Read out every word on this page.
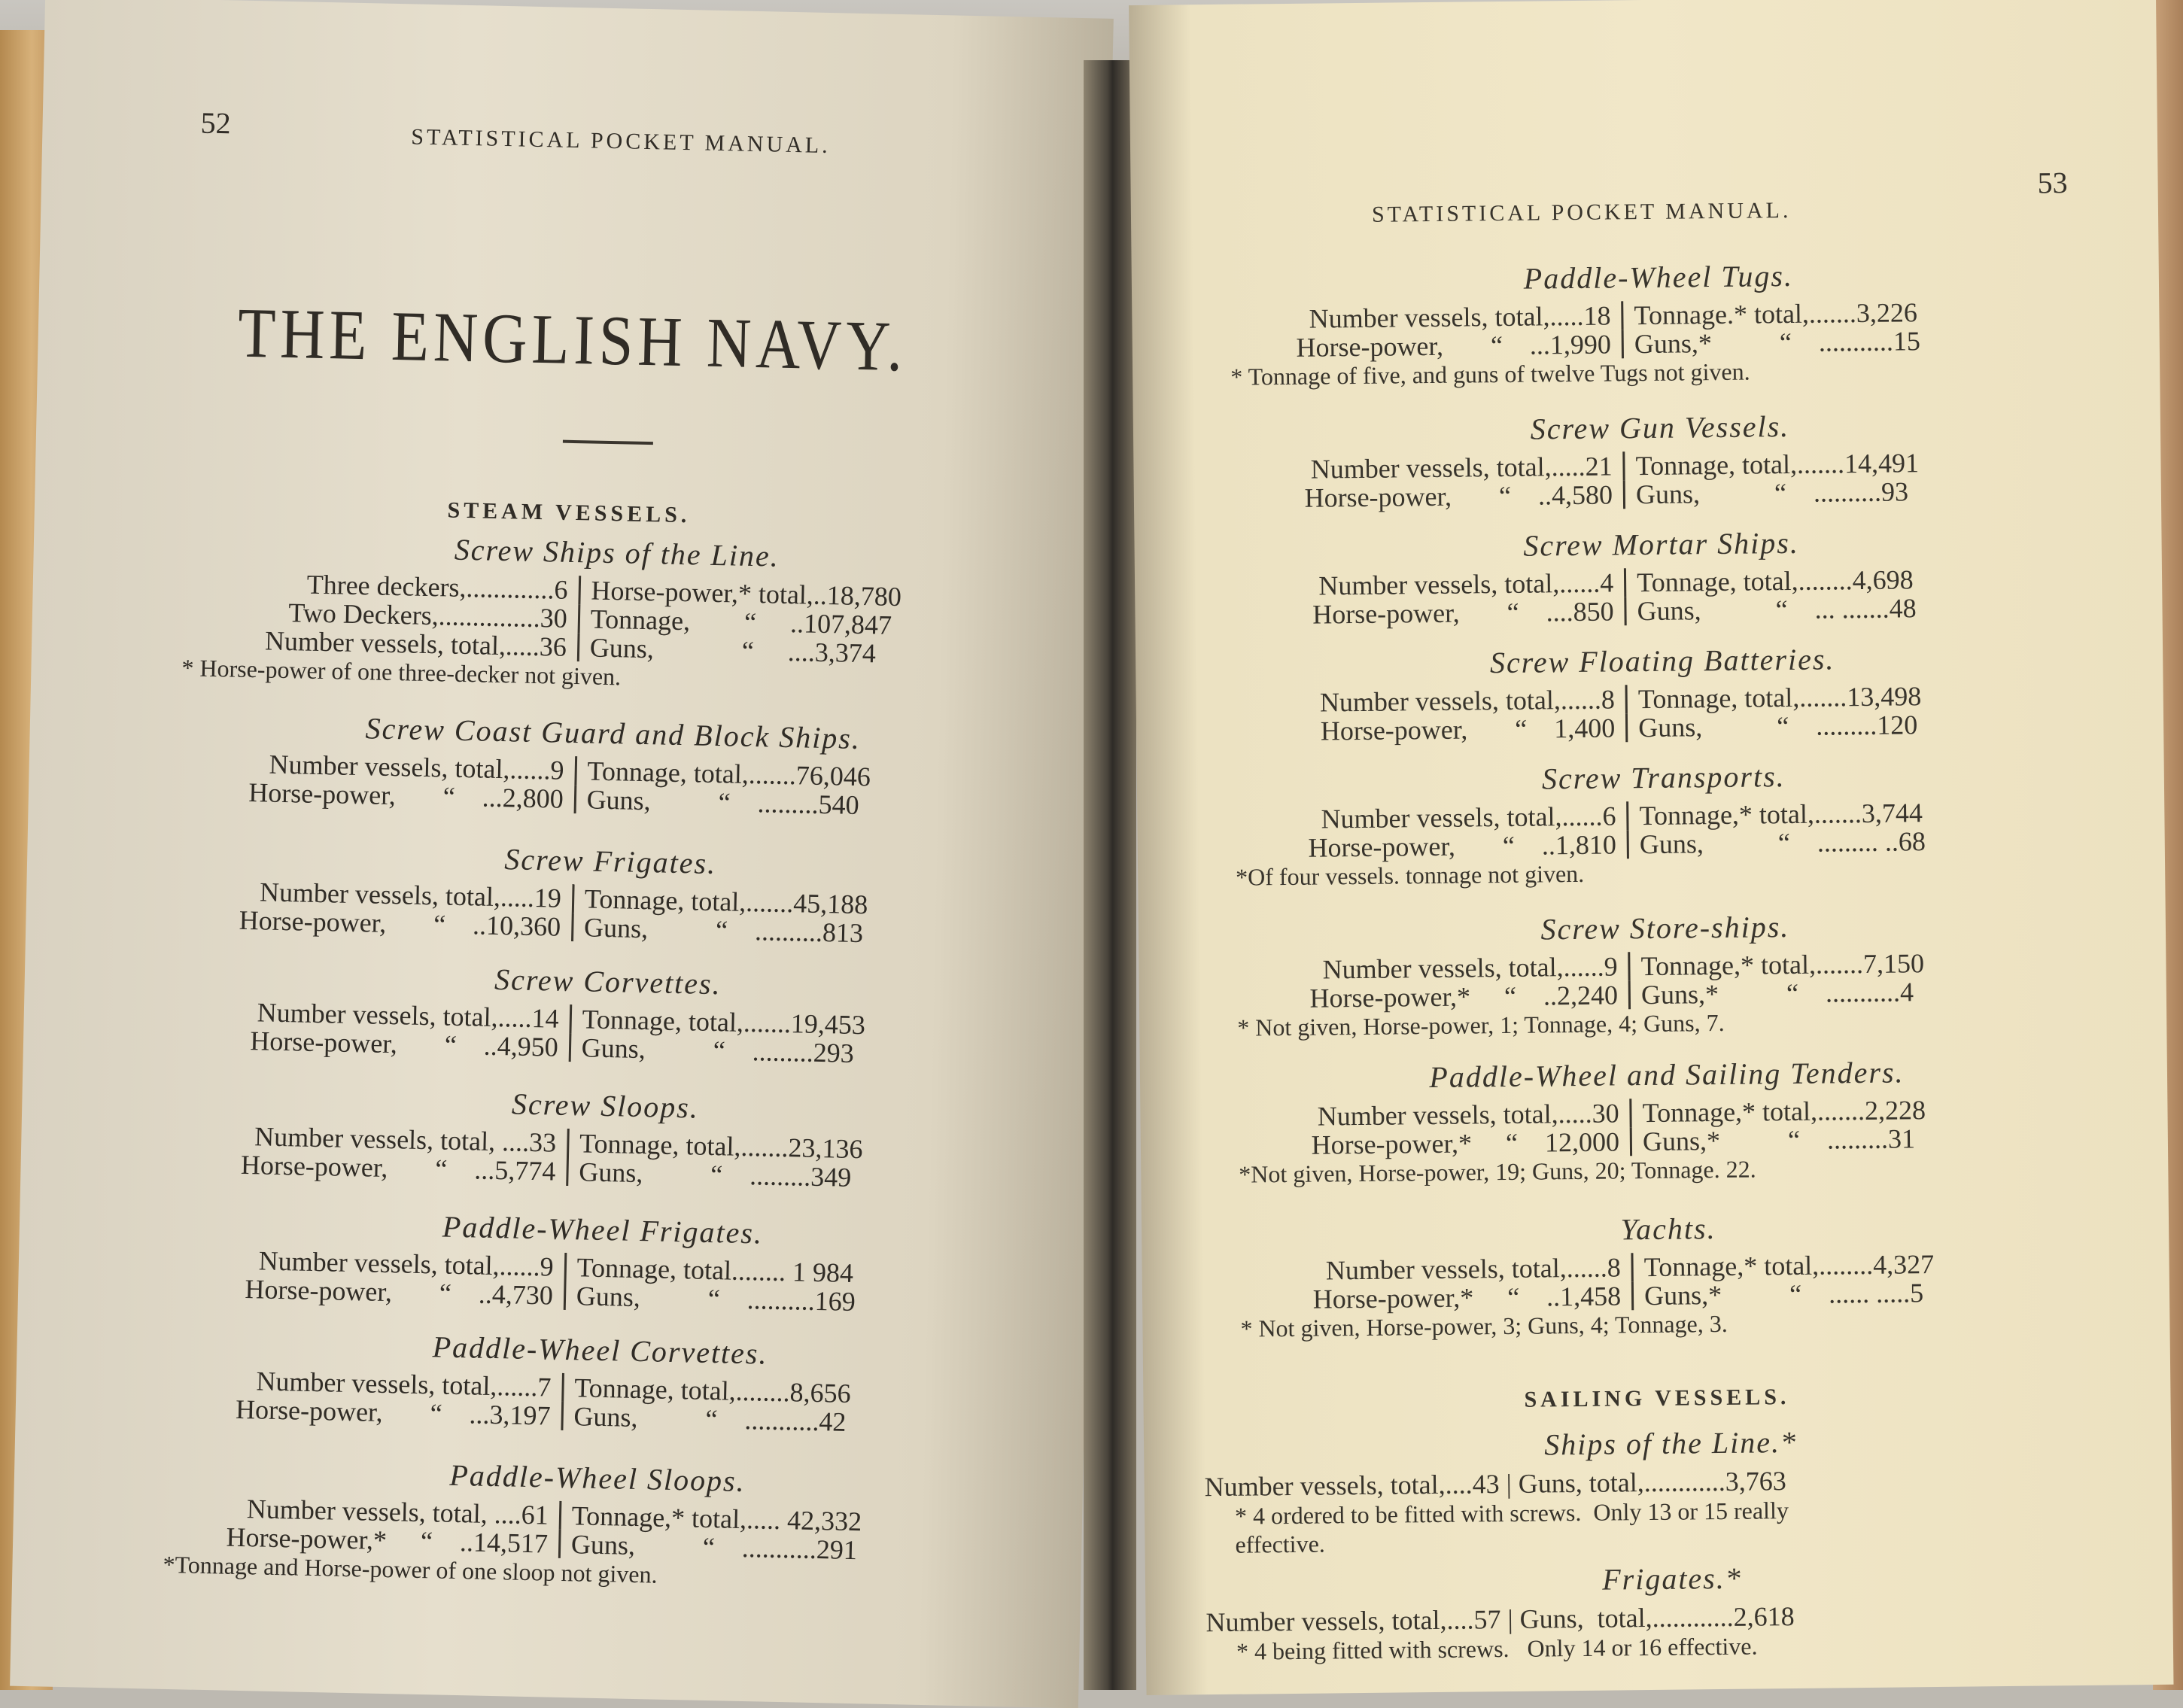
52
STATISTICAL POCKET MANUAL.
THE ENGLISH NAVY.
STEAM VESSELS.
Screw Ships of the Line.
Three deckers,.............6 Horse-power,* total,..18,780
Two Deckers,...............30 Tonnage,        “     ..107,847
Number vessels, total,.....36 Guns,             “     ....3,374
* Horse-power of one three-decker not given.
Screw Coast Guard and Block Ships.
Number vessels, total,......9 Tonnage, total,.......76,046
Horse-power,       “    ...2,800 Guns,          “    .........540
Screw Frigates.
Number vessels, total,.....19 Tonnage, total,.......45,188
Horse-power,       “    ..10,360 Guns,          “    ..........813
Screw Corvettes.
Number vessels, total,.....14 Tonnage, total,.......19,453
Horse-power,       “    ..4,950 Guns,          “    .........293
Screw Sloops.
Number vessels, total, ....33 Tonnage, total,.......23,136
Horse-power,       “    ...5,774 Guns,          “    .........349
Paddle-Wheel Frigates.
Number vessels, total,......9 Tonnage, total........ 1 984
Horse-power,       “    ..4,730 Guns,          “    ..........169
Paddle-Wheel Corvettes.
Number vessels, total,......7 Tonnage, total,........8,656
Horse-power,       “    ...3,197 Guns,          “    ...........42
Paddle-Wheel Sloops.
Number vessels, total, ....61 Tonnage,* total,..... 42,332
Horse-power,*     “    ..14,517 Guns,          “    ...........291
*Tonnage and Horse-power of one sloop not given.
53
STATISTICAL POCKET MANUAL.
Paddle-Wheel Tugs.
Number vessels, total,.....18 Tonnage.* total,.......3,226
Horse-power,       “    ...1,990 Guns,*          “    ...........15
* Tonnage of five, and guns of twelve Tugs not given.
Screw Gun Vessels.
Number vessels, total,.....21 Tonnage, total,.......14,491
Horse-power,       “    ..4,580 Guns,           “    ..........93
Screw Mortar Ships.
Number vessels, total,......4 Tonnage, total,........4,698
Horse-power,       “    ....850 Guns,           “    ... .......48
Screw Floating Batteries.
Number vessels, total,......8 Tonnage, total,.......13,498
Horse-power,       “    1,400 Guns,           “    .........120
Screw Transports.
Number vessels, total,......6 Tonnage,* total,.......3,744
Horse-power,       “    ..1,810 Guns,           “    ......... ..68
*Of four vessels. tonnage not given.
Screw Store-ships.
Number vessels, total,......9 Tonnage,* total,.......7,150
Horse-power,*     “    ..2,240 Guns,*          “    ...........4
* Not given, Horse-power, 1; Tonnage, 4; Guns, 7.
Paddle-Wheel and Sailing Tenders.
Number vessels, total,.....30 Tonnage,* total,.......2,228
Horse-power,*     “    12,000 Guns,*          “    .........31
*Not given, Horse-power, 19; Guns, 20; Tonnage. 22.
Yachts.
Number vessels, total,......8 Tonnage,* total,........4,327
Horse-power,*     “    ..1,458 Guns,*          “    ...... .....5
* Not given, Horse-power, 3; Guns, 4; Tonnage, 3.
SAILING VESSELS.
Ships of the Line.*
Number vessels, total,....43 | Guns, total,............3,763
* 4 ordered to be fitted with screws.  Only 13 or 15 really
effective.
Frigates.*
Number vessels, total,....57 | Guns,  total,............2,618
* 4 being fitted with screws.   Only 14 or 16 effective.
